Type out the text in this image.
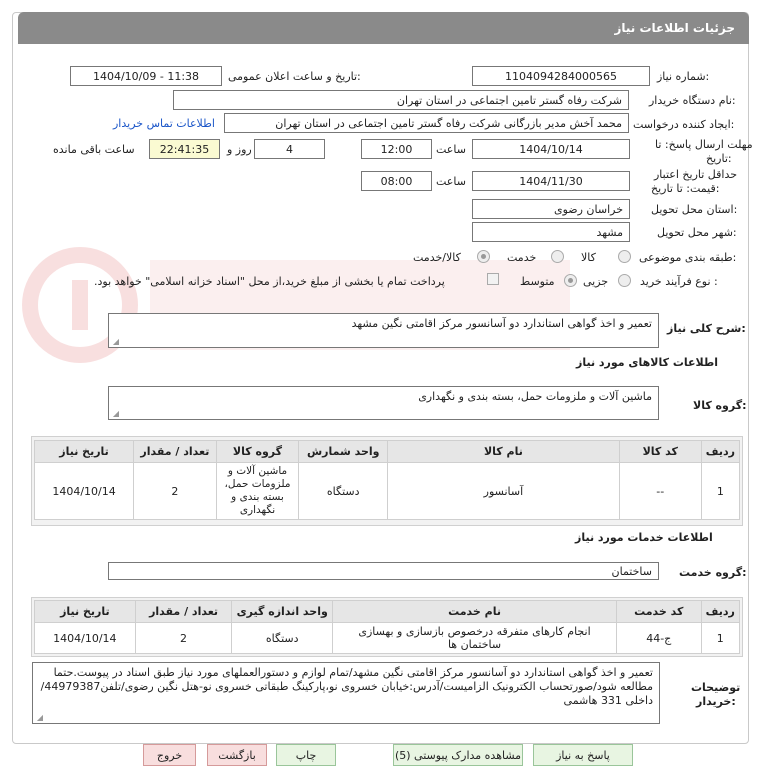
جزئیات اطلاعات نیاز
شماره نیاز:
1104094284000565
تاریخ و ساعت اعلان عمومی:
1404/10/09 - 11:38
نام دستگاه خریدار:
شرکت رفاه گستر تامین اجتماعی در استان تهران
ایجاد کننده درخواست:
محمد آخش مدیر بازرگانی شرکت رفاه گستر تامین اجتماعی در استان تهران
اطلاعات تماس خریدار
مهلت ارسال پاسخ: تا
تاریخ:
1404/10/14
ساعت
12:00
4
روز و
22:41:35
ساعت باقی مانده
حداقل تاریخ اعتبار
قیمت: تا تاریخ:
1404/11/30
ساعت
08:00
استان محل تحویل:
خراسان رضوی
شهر محل تحویل:
مشهد
طبقه بندی موضوعی:
کالا
خدمت
کالا/خدمت
نوع فرآیند خرید :
جزیی
متوسط
پرداخت تمام یا بخشی از مبلغ خرید،از محل "اسناد خزانه اسلامی" خواهد بود.
شرح کلی نیاز:
تعمیر و اخذ گواهی استاندارد دو آسانسور مرکز اقامتی نگین مشهد
◢
اطلاعات کالاهای مورد نیاز
گروه کالا:
ماشین آلات و ملزومات حمل، بسته بندی و نگهداری
◢
ردیف	کد کالا	نام کالا	واحد شمارش	گروه کالا	تعداد / مقدار	تاریخ نیاز
1	--	آسانسور	دستگاه	ماشین آلات و ملزومات حمل، بسته بندی و نگهداری	2	1404/10/14
اطلاعات خدمات مورد نیاز
گروه خدمت:
ساختمان
ردیف	کد خدمت	نام خدمت	واحد اندازه گیری	تعداد / مقدار	تاریخ نیاز
1	ج-44	انجام کارهای متفرقه درخصوص بازسازی و بهسازی ساختمان ها	دستگاه	2	1404/10/14
توضیحات
خریدار:
تعمیر و اخذ گواهی استاندارد دو آسانسور مرکز اقامتی نگین مشهد/تمام لوازم و دستورالعملهای مورد نیاز طبق اسناد در پیوست.حتما مطالعه شود/صورتحساب الکترونیک الزامیست/آدرس:خیابان خسروی نو،پارکینگ طبقاتی خسروی نو-هتل نگین رضوی/تلفن44979387/داخلی 331 هاشمی
◢
پاسخ به نیاز
مشاهده مدارک پیوستی (5)
چاپ
بازگشت
خروج
